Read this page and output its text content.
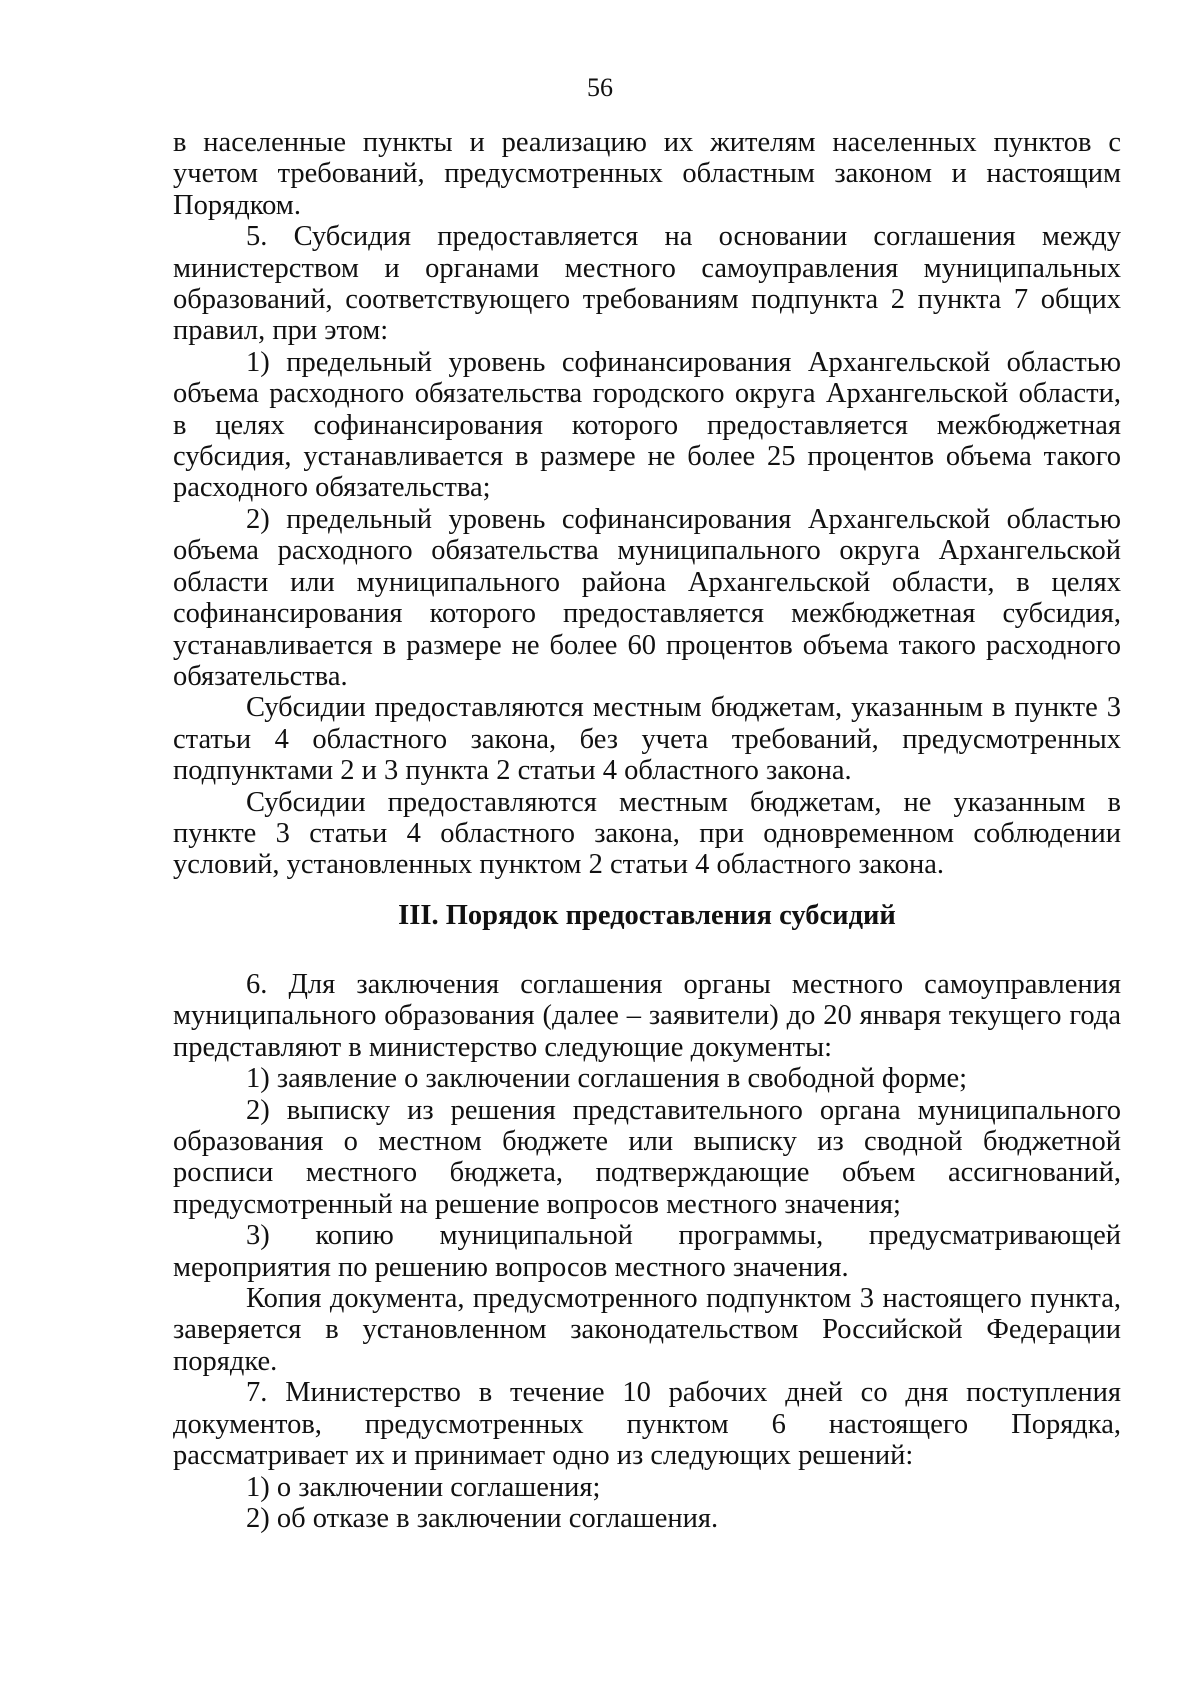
56

в населенные пункты и реализацию их жителям населенных пунктов с учетом требований, предусмотренных областным законом и настоящим Порядком.

5. Субсидия предоставляется на основании соглашения между министерством и органами местного самоуправления муниципальных образований, соответствующего требованиям подпункта 2 пункта 7 общих правил, при этом:

1) предельный уровень софинансирования Архангельской областью объема расходного обязательства городского округа Архангельской области, в целях софинансирования которого предоставляется межбюджетная субсидия, устанавливается в размере не более 25 процентов объема такого расходного обязательства;

2) предельный уровень софинансирования Архангельской областью объема расходного обязательства муниципального округа Архангельской области или муниципального района Архангельской области, в целях софинансирования которого предоставляется межбюджетная субсидия, устанавливается в размере не более 60 процентов объема такого расходного обязательства.

Субсидии предоставляются местным бюджетам, указанным в пункте 3 статьи 4 областного закона, без учета требований, предусмотренных подпунктами 2 и 3 пункта 2 статьи 4 областного закона.

Субсидии предоставляются местным бюджетам, не указанным в пункте 3 статьи 4 областного закона, при одновременном соблюдении условий, установленных пунктом 2 статьи 4 областного закона.

III. Порядок предоставления субсидий

6. Для заключения соглашения органы местного самоуправления муниципального образования (далее – заявители) до 20 января текущего года представляют в министерство следующие документы:

1) заявление о заключении соглашения в свободной форме;

2) выписку из решения представительного органа муниципального образования о местном бюджете или выписку из сводной бюджетной росписи местного бюджета, подтверждающие объем ассигнований, предусмотренный на решение вопросов местного значения;

3) копию муниципальной программы, предусматривающей мероприятия по решению вопросов местного значения.

Копия документа, предусмотренного подпунктом 3 настоящего пункта, заверяется в установленном законодательством Российской Федерации порядке.

7. Министерство в течение 10 рабочих дней со дня поступления документов, предусмотренных пунктом 6 настоящего Порядка, рассматривает их и принимает одно из следующих решений:

1) о заключении соглашения;

2) об отказе в заключении соглашения.
